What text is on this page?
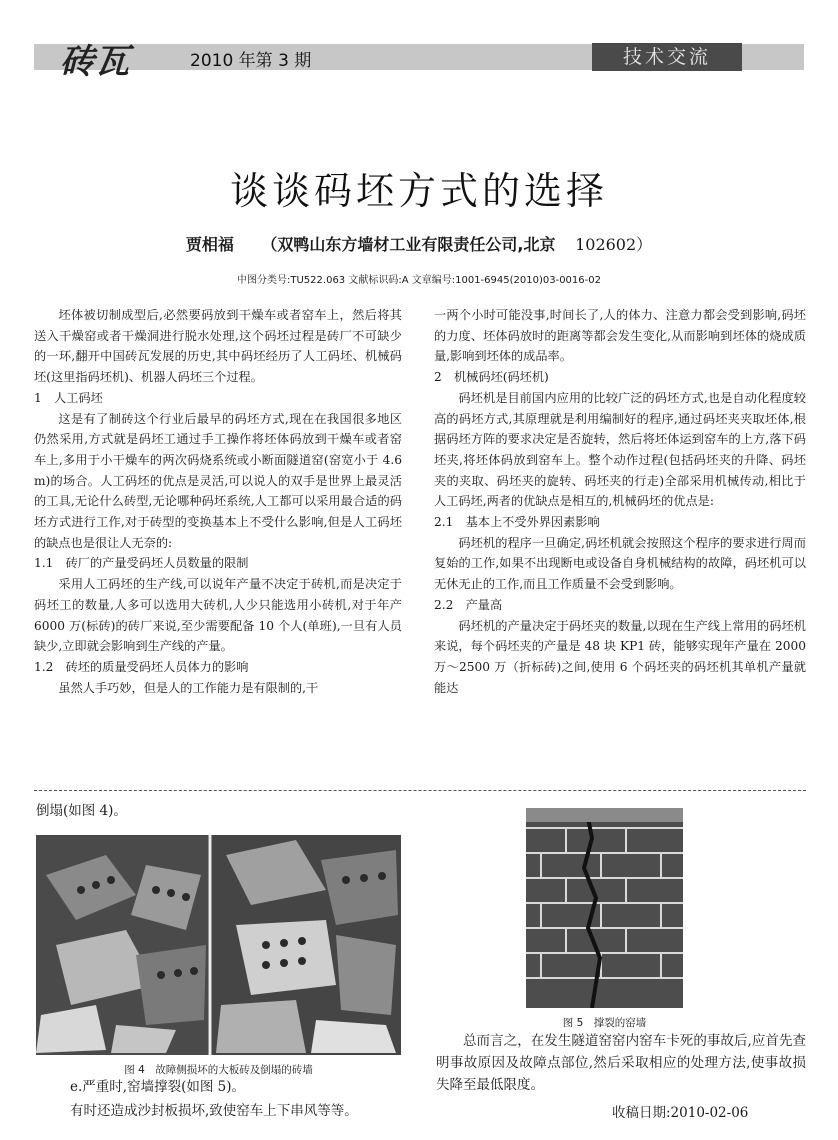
砖瓦	2010 年第 3 期	技术交流
谈谈码坯方式的选择
贾相福 （双鸭山东方墙材工业有限责任公司,北京 102602）
中图分类号:TU522.063 文献标识码:A 文章编号:1001-6945(2010)03-0016-02

坯体被切制成型后,必然要码放到干燥车或者窑车上，然后将其送入干燥窑或者干燥洞进行脱水处理,这个码坯过程是砖厂不可缺少的一环,翻开中国砖瓦发展的历史,其中码坯经历了人工码坯、机械码坯(这里指码坯机)、机器人码坯三个过程。

1　人工码坯

这是有了制砖这个行业后最早的码坯方式,现在在我国很多地区仍然采用,方式就是码坯工通过手工操作将坯体码放到干燥车或者窑车上,多用于小干燥车的两次码烧系统或小断面隧道窑(窑宽小于 4.6 m)的场合。人工码坯的优点是灵活,可以说人的双手是世界上最灵活的工具,无论什么砖型,无论哪种码坯系统,人工都可以采用最合适的码坯方式进行工作,对于砖型的变换基本上不受什么影响,但是人工码坯的缺点也是很让人无奈的:

1.1　砖厂的产量受码坯人员数量的限制

采用人工码坯的生产线,可以说年产量不决定于砖机,而是决定于码坯工的数量,人多可以选用大砖机,人少只能选用小砖机,对于年产 6000 万(标砖)的砖厂来说,至少需要配备 10 个人(单班),一旦有人员缺少,立即就会影响到生产线的产量。

1.2　砖坯的质量受码坯人员体力的影响

虽然人手巧妙，但是人的工作能力是有限制的,干

一两个小时可能没事,时间长了,人的体力、注意力都会受到影响,码坯的力度、坯体码放时的距离等都会发生变化,从而影响到坯体的烧成质量,影响到坯体的成品率。

2　机械码坯(码坯机)

码坯机是目前国内应用的比较广泛的码坯方式,也是自动化程度较高的码坯方式,其原理就是利用编制好的程序,通过码坯夹夹取坯体,根据码坯方阵的要求决定是否旋转，然后将坯体运到窑车的上方,落下码坯夹,将坯体码放到窑车上。整个动作过程(包括码坯夹的升降、码坯夹的夹取、码坯夹的旋转、码坯夹的行走)全部采用机械传动,相比于人工码坯,两者的优缺点是相互的,机械码坯的优点是:

2.1　基本上不受外界因素影响

码坯机的程序一旦确定,码坯机就会按照这个程序的要求进行周而复始的工作,如果不出现断电或设备自身机械结构的故障，码坯机可以无休无止的工作,而且工作质量不会受到影响。

2.2　产量高

码坯机的产量决定于码坯夹的数量,以现在生产线上常用的码坯机来说，每个码坯夹的产量是 48 块 KP1 砖，能够实现年产量在 2000 万～2500 万（折标砖)之间,使用 6 个码坯夹的码坯机其单机产量就能达

倒塌(如图 4)。
图 4　故障侧损坏的大板砖及倒塌的砖墙
e.严重时,窑墙撑裂(如图 5)。
有时还造成沙封板损坏,致使窑车上下串风等等。
图 5　撑裂的窑墙
总而言之，在发生隧道窑窑内窑车卡死的事故后,应首先查明事故原因及故障点部位,然后采取相应的处理方法,使事故损失降至最低限度。
收稿日期:2010-02-06
